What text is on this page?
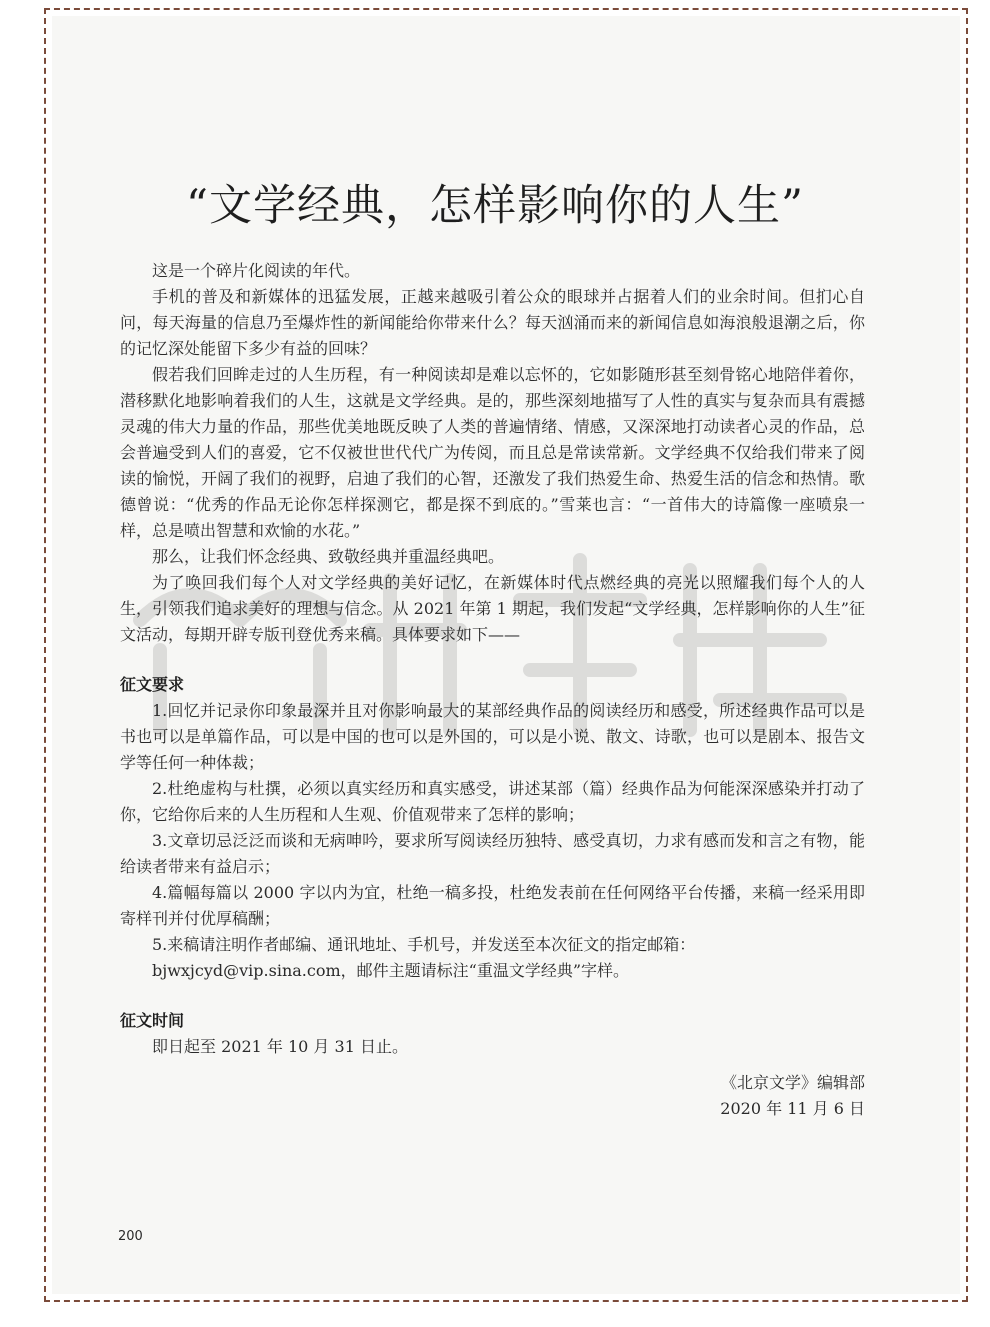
“文学经典，怎样影响你的人生”

这是一个碎片化阅读的年代。

手机的普及和新媒体的迅猛发展，正越来越吸引着公众的眼球并占据着人们的业余时间。但扪心自问，每天海量的信息乃至爆炸性的新闻能给你带来什么？每天汹涌而来的新闻信息如海浪般退潮之后，你的记忆深处能留下多少有益的回味？

假若我们回眸走过的人生历程，有一种阅读却是难以忘怀的，它如影随形甚至刻骨铭心地陪伴着你，潜移默化地影响着我们的人生，这就是文学经典。是的，那些深刻地描写了人性的真实与复杂而具有震撼灵魂的伟大力量的作品，那些优美地既反映了人类的普遍情绪、情感，又深深地打动读者心灵的作品，总会普遍受到人们的喜爱，它不仅被世世代代广为传阅，而且总是常读常新。文学经典不仅给我们带来了阅读的愉悦，开阔了我们的视野，启迪了我们的心智，还激发了我们热爱生命、热爱生活的信念和热情。歌德曾说：“优秀的作品无论你怎样探测它，都是探不到底的。”雪莱也言：“一首伟大的诗篇像一座喷泉一样，总是喷出智慧和欢愉的水花。”

那么，让我们怀念经典、致敬经典并重温经典吧。

为了唤回我们每个人对文学经典的美好记忆，在新媒体时代点燃经典的亮光以照耀我们每个人的人生，引领我们追求美好的理想与信念。从 2021 年第 1 期起，我们发起“文学经典，怎样影响你的人生”征文活动，每期开辟专版刊登优秀来稿。具体要求如下——

征文要求

1.回忆并记录你印象最深并且对你影响最大的某部经典作品的阅读经历和感受，所述经典作品可以是书也可以是单篇作品，可以是中国的也可以是外国的，可以是小说、散文、诗歌，也可以是剧本、报告文学等任何一种体裁；

2.杜绝虚构与杜撰，必须以真实经历和真实感受，讲述某部（篇）经典作品为何能深深感染并打动了你，它给你后来的人生历程和人生观、价值观带来了怎样的影响；

3.文章切忌泛泛而谈和无病呻吟，要求所写阅读经历独特、感受真切，力求有感而发和言之有物，能给读者带来有益启示；

4.篇幅每篇以 2000 字以内为宜，杜绝一稿多投，杜绝发表前在任何网络平台传播，来稿一经采用即寄样刊并付优厚稿酬；

5.来稿请注明作者邮编、通讯地址、手机号，并发送至本次征文的指定邮箱：

bjwxjcyd@vip.sina.com，邮件主题请标注“重温文学经典”字样。

征文时间

即日起至 2021 年 10 月 31 日止。

《北京文学》编辑部

2020 年 11 月 6 日

200
